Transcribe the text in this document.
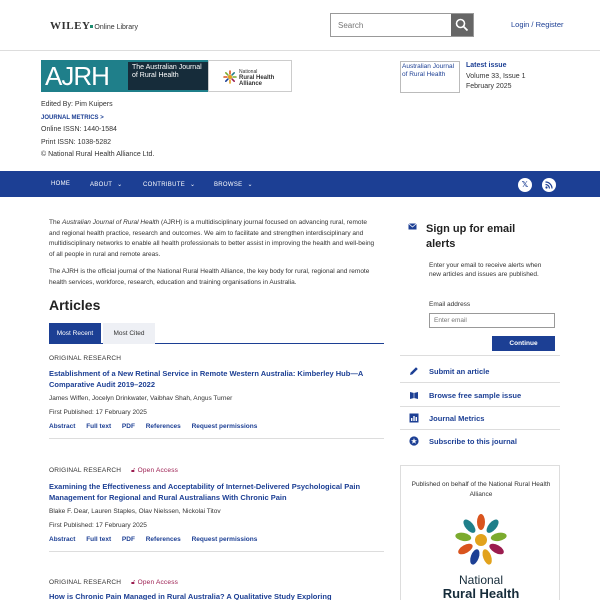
WILEY Online Library
Search	Login / Register
AJRH	The Australian Journal of Rural Health	National
Rural Health Alliance
Edited By: Pim Kuipers
JOURNAL METRICS >
Online ISSN: 1440-1584
Print ISSN: 1038-5282
© National Rural Health Alliance Ltd.
Australian Journal of Rural Health
Latest issue
Volume 33, Issue 1
February 2025
HOME	ABOUT ⌄	CONTRIBUTE ⌄	BROWSE ⌄	𝕏
The Australian Journal of Rural Health (AJRH) is a multidisciplinary journal focused on advancing rural, remote and regional health practice, research and outcomes. We aim to facilitate and strengthen interdisciplinary and multidisciplinary networks to enable all health professionals to better assist in improving the health and well-being of all people in rural and remote areas.
The AJRH is the official journal of the National Rural Health Alliance, the key body for rural, regional and remote health services, workforce, research, education and training organisations in Australia.
Articles
Most Recent	Most Cited
ORIGINAL RESEARCH
Establishment of a New Retinal Service in Remote Western Australia: Kimberley Hub—A Comparative Audit 2019–2022
James Wiffen, Jocelyn Drinkwater, Vaibhav Shah, Angus Turner
First Published: 17 February 2025
Abstract Full text PDF References Request permissions
ORIGINAL RESEARCH 🔓︎ Open Access
Examining the Effectiveness and Acceptability of Internet-Delivered Psychological Pain Management for Regional and Rural Australians With Chronic Pain
Blake F. Dear, Lauren Staples, Olav Nielssen, Nickolai Titov
First Published: 17 February 2025
Abstract Full text PDF References Request permissions
ORIGINAL RESEARCH 🔓︎ Open Access
How is Chronic Pain Managed in Rural Australia? A Qualitative Study Exploring
Sign up for email alerts
Enter your email to receive alerts when new articles and issues are published.
Email address
Enter email
Continue
Submit an article
Browse free sample issue
Journal Metrics
Subscribe to this journal
Published on behalf of the National Rural Health Alliance
National
Rural Health
